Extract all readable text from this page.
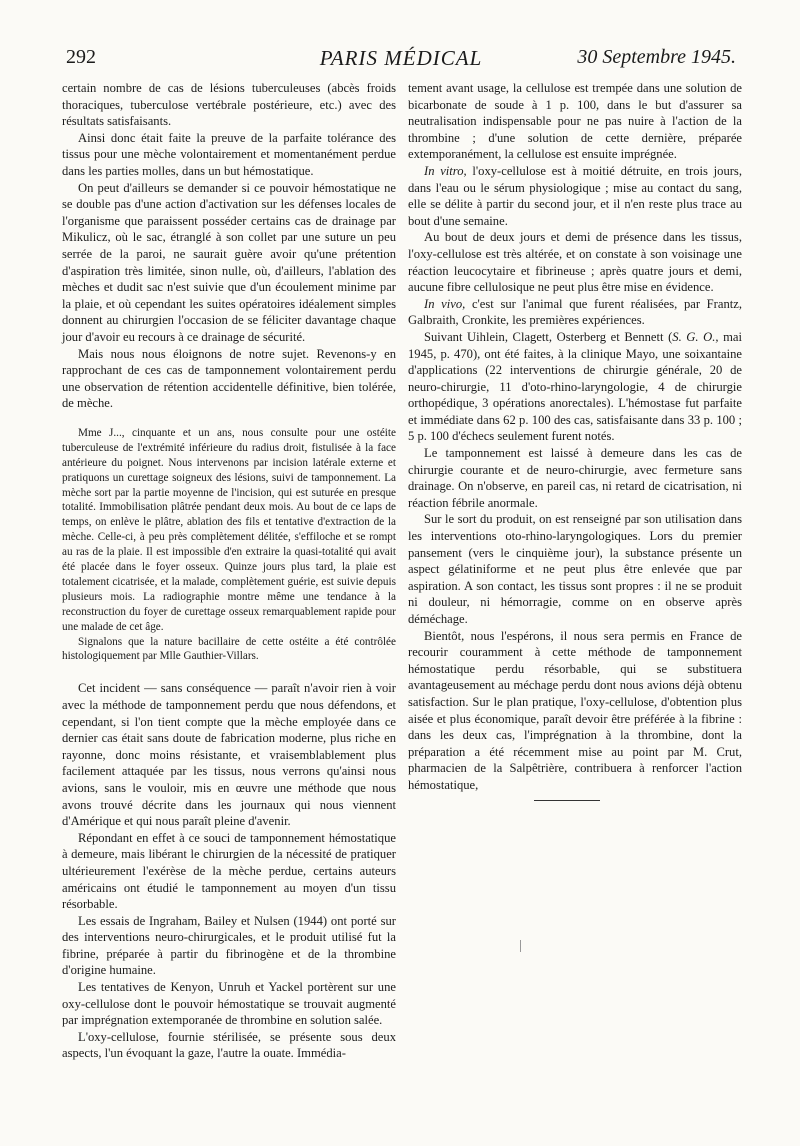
292	PARIS MÉDICAL	30 Septembre 1945.

certain nombre de cas de lésions tuberculeuses (abcès froids thoraciques, tuberculose vertébrale postérieure, etc.) avec des résultats satisfaisants.

Ainsi donc était faite la preuve de la parfaite tolérance des tissus pour une mèche volontairement et momentanément perdue dans les parties molles, dans un but hémostatique.

On peut d'ailleurs se demander si ce pouvoir hémostatique ne se double pas d'une action d'activation sur les défenses locales de l'organisme que paraissent posséder certains cas de drainage par Mikulicz, où le sac, étranglé à son collet par une suture un peu serrée de la paroi, ne saurait guère avoir qu'une prétention d'aspiration très limitée, sinon nulle, où, d'ailleurs, l'ablation des mèches et dudit sac n'est suivie que d'un écoulement minime par la plaie, et où cependant les suites opératoires idéalement simples donnent au chirurgien l'occasion de se féliciter davantage chaque jour d'avoir eu recours à ce drainage de sécurité.

Mais nous nous éloignons de notre sujet. Revenons-y en rapprochant de ces cas de tamponnement volontairement perdu une observation de rétention accidentelle définitive, bien tolérée, de mèche.

Mme J..., cinquante et un ans, nous consulte pour une ostéite tuberculeuse de l'extrémité inférieure du radius droit, fistulisée à la face antérieure du poignet. Nous intervenons par incision latérale externe et pratiquons un curettage soigneux des lésions, suivi de tamponnement. La mèche sort par la partie moyenne de l'incision, qui est suturée en presque totalité. Immobilisation plâtrée pendant deux mois. Au bout de ce laps de temps, on enlève le plâtre, ablation des fils et tentative d'extraction de la mèche. Celle-ci, à peu près complètement délitée, s'effiloche et se rompt au ras de la plaie. Il est impossible d'en extraire la quasi-totalité qui avait été placée dans le foyer osseux. Quinze jours plus tard, la plaie est totalement cicatrisée, et la malade, complètement guérie, est suivie depuis plusieurs mois. La radiographie montre même une tendance à la reconstruction du foyer de curettage osseux remarquablement rapide pour une malade de cet âge.

Signalons que la nature bacillaire de cette ostéite a été contrôlée histologiquement par Mlle Gauthier-Villars.

Cet incident — sans conséquence — paraît n'avoir rien à voir avec la méthode de tamponnement perdu que nous défendons, et cependant, si l'on tient compte que la mèche employée dans ce dernier cas était sans doute de fabrication moderne, plus riche en rayonne, donc moins résistante, et vraisemblablement plus facilement attaquée par les tissus, nous verrons qu'ainsi nous avions, sans le vouloir, mis en œuvre une méthode que nous avons trouvé décrite dans les journaux qui nous viennent d'Amérique et qui nous paraît pleine d'avenir.

Répondant en effet à ce souci de tamponnement hémostatique à demeure, mais libérant le chirurgien de la nécessité de pratiquer ultérieurement l'exérèse de la mèche perdue, certains auteurs américains ont étudié le tamponnement au moyen d'un tissu résorbable.

Les essais de Ingraham, Bailey et Nulsen (1944) ont porté sur des interventions neuro-chirurgicales, et le produit utilisé fut la fibrine, préparée à partir du fibrinogène et de la thrombine d'origine humaine.

Les tentatives de Kenyon, Unruh et Yackel portèrent sur une oxy-cellulose dont le pouvoir hémostatique se trouvait augmenté par imprégnation extemporanée de thrombine en solution salée.

L'oxy-cellulose, fournie stérilisée, se présente sous deux aspects, l'un évoquant la gaze, l'autre la ouate. Immédia-

tement avant usage, la cellulose est trempée dans une solution de bicarbonate de soude à 1 p. 100, dans le but d'assurer sa neutralisation indispensable pour ne pas nuire à l'action de la thrombine ; d'une solution de cette dernière, préparée extemporanément, la cellulose est ensuite imprégnée.

In vitro, l'oxy-cellulose est à moitié détruite, en trois jours, dans l'eau ou le sérum physiologique ; mise au contact du sang, elle se délite à partir du second jour, et il n'en reste plus trace au bout d'une semaine.

Au bout de deux jours et demi de présence dans les tissus, l'oxy-cellulose est très altérée, et on constate à son voisinage une réaction leucocytaire et fibrineuse ; après quatre jours et demi, aucune fibre cellulosique ne peut plus être mise en évidence.

In vivo, c'est sur l'animal que furent réalisées, par Frantz, Galbraith, Cronkite, les premières expériences.

Suivant Uihlein, Clagett, Osterberg et Bennett (S. G. O., mai 1945, p. 470), ont été faites, à la clinique Mayo, une soixantaine d'applications (22 interventions de chirurgie générale, 20 de neuro-chirurgie, 11 d'oto-rhino-laryngologie, 4 de chirurgie orthopédique, 3 opérations anorectales). L'hémostase fut parfaite et immédiate dans 62 p. 100 des cas, satisfaisante dans 33 p. 100 ; 5 p. 100 d'échecs seulement furent notés.

Le tamponnement est laissé à demeure dans les cas de chirurgie courante et de neuro-chirurgie, avec fermeture sans drainage. On n'observe, en pareil cas, ni retard de cicatrisation, ni réaction fébrile anormale.

Sur le sort du produit, on est renseigné par son utilisation dans les interventions oto-rhino-laryngologiques. Lors du premier pansement (vers le cinquième jour), la substance présente un aspect gélatiniforme et ne peut plus être enlevée que par aspiration. A son contact, les tissus sont propres : il ne se produit ni douleur, ni hémorragie, comme on en observe après déméchage.

Bientôt, nous l'espérons, il nous sera permis en France de recourir couramment à cette méthode de tamponnement hémostatique perdu résorbable, qui se substituera avantageusement au méchage perdu dont nous avions déjà obtenu satisfaction. Sur le plan pratique, l'oxy-cellulose, d'obtention plus aisée et plus économique, paraît devoir être préférée à la fibrine : dans les deux cas, l'imprégnation à la thrombine, dont la préparation a été récemment mise au point par M. Crut, pharmacien de la Salpêtrière, contribuera à renforcer l'action hémostatique,
